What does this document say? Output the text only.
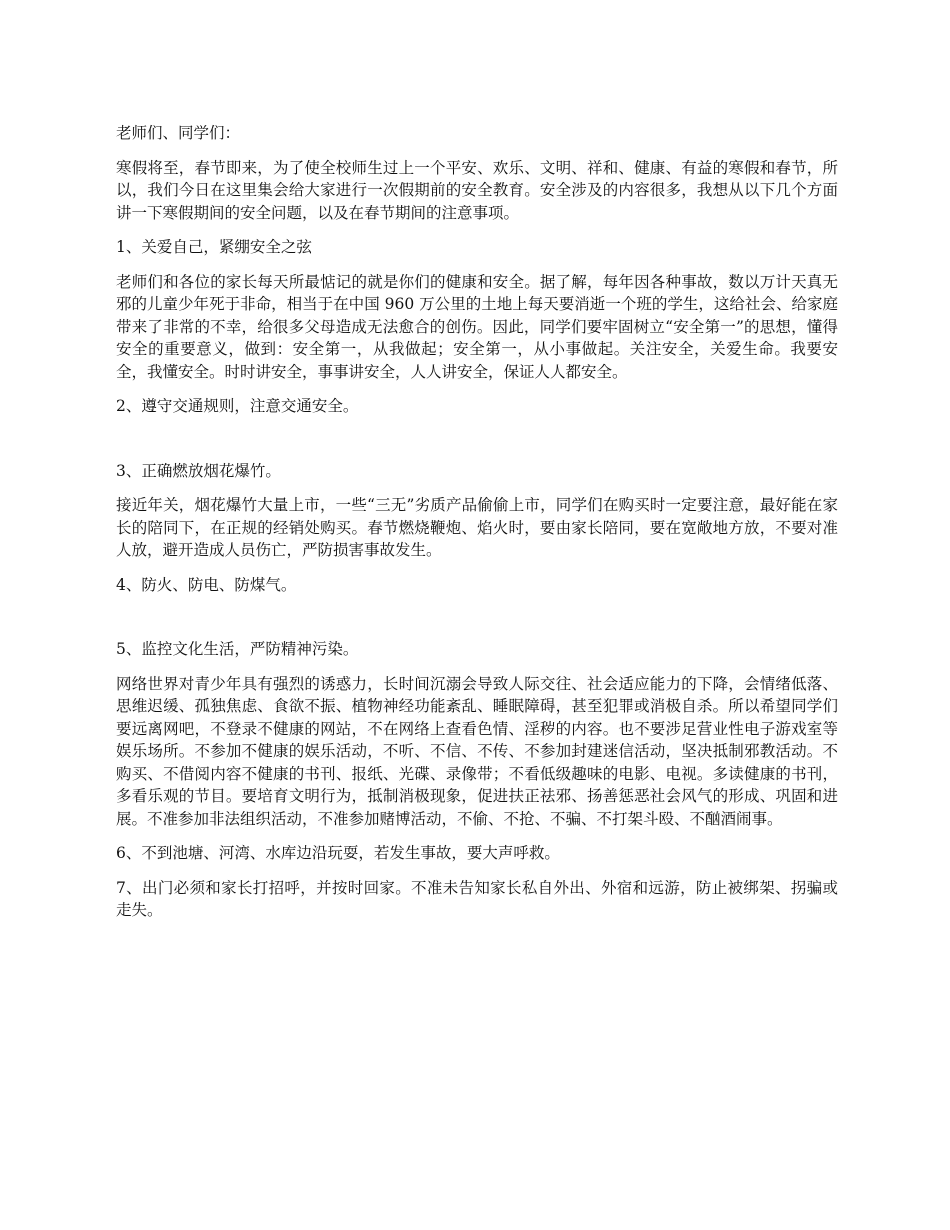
老师们、同学们：

寒假将至，春节即来，为了使全校师生过上一个平安、欢乐、文明、祥和、健康、有益的寒假和春节，所以，我们今日在这里集会给大家进行一次假期前的安全教育。安全涉及的内容很多，我想从以下几个方面讲一下寒假期间的安全问题，以及在春节期间的注意事项。

1、关爱自己，紧绷安全之弦

老师们和各位的家长每天所最惦记的就是你们的健康和安全。据了解，每年因各种事故，数以万计天真无邪的儿童少年死于非命，相当于在中国 960 万公里的土地上每天要消逝一个班的学生，这给社会、给家庭带来了非常的不幸，给很多父母造成无法愈合的创伤。因此，同学们要牢固树立“安全第一”的思想，懂得安全的重要意义，做到：安全第一，从我做起；安全第一，从小事做起。关注安全，关爱生命。我要安全，我懂安全。时时讲安全，事事讲安全，人人讲安全，保证人人都安全。

2、遵守交通规则，注意交通安全。

3、正确燃放烟花爆竹。

接近年关，烟花爆竹大量上市，一些“三无”劣质产品偷偷上市，同学们在购买时一定要注意，最好能在家长的陪同下，在正规的经销处购买。春节燃烧鞭炮、焰火时，要由家长陪同，要在宽敞地方放，不要对准人放，避开造成人员伤亡，严防损害事故发生。

4、防火、防电、防煤气。

5、监控文化生活，严防精神污染。

网络世界对青少年具有强烈的诱惑力，长时间沉溺会导致人际交往、社会适应能力的下降，会情绪低落、思维迟缓、孤独焦虑、食欲不振、植物神经功能紊乱、睡眠障碍，甚至犯罪或消极自杀。所以希望同学们要远离网吧，不登录不健康的网站，不在网络上查看色情、淫秽的内容。也不要涉足营业性电子游戏室等娱乐场所。不参加不健康的娱乐活动，不听、不信、不传、不参加封建迷信活动，坚决抵制邪教活动。不购买、不借阅内容不健康的书刊、报纸、光碟、录像带；不看低级趣味的电影、电视。多读健康的书刊，多看乐观的节目。要培育文明行为，抵制消极现象，促进扶正祛邪、扬善惩恶社会风气的形成、巩固和进展。不准参加非法组织活动，不准参加赌博活动，不偷、不抢、不骗、不打架斗殴、不酗酒闹事。

6、不到池塘、河湾、水库边沿玩耍，若发生事故，要大声呼救。

7、出门必须和家长打招呼，并按时回家。不准未告知家长私自外出、外宿和远游，防止被绑架、拐骗或走失。
